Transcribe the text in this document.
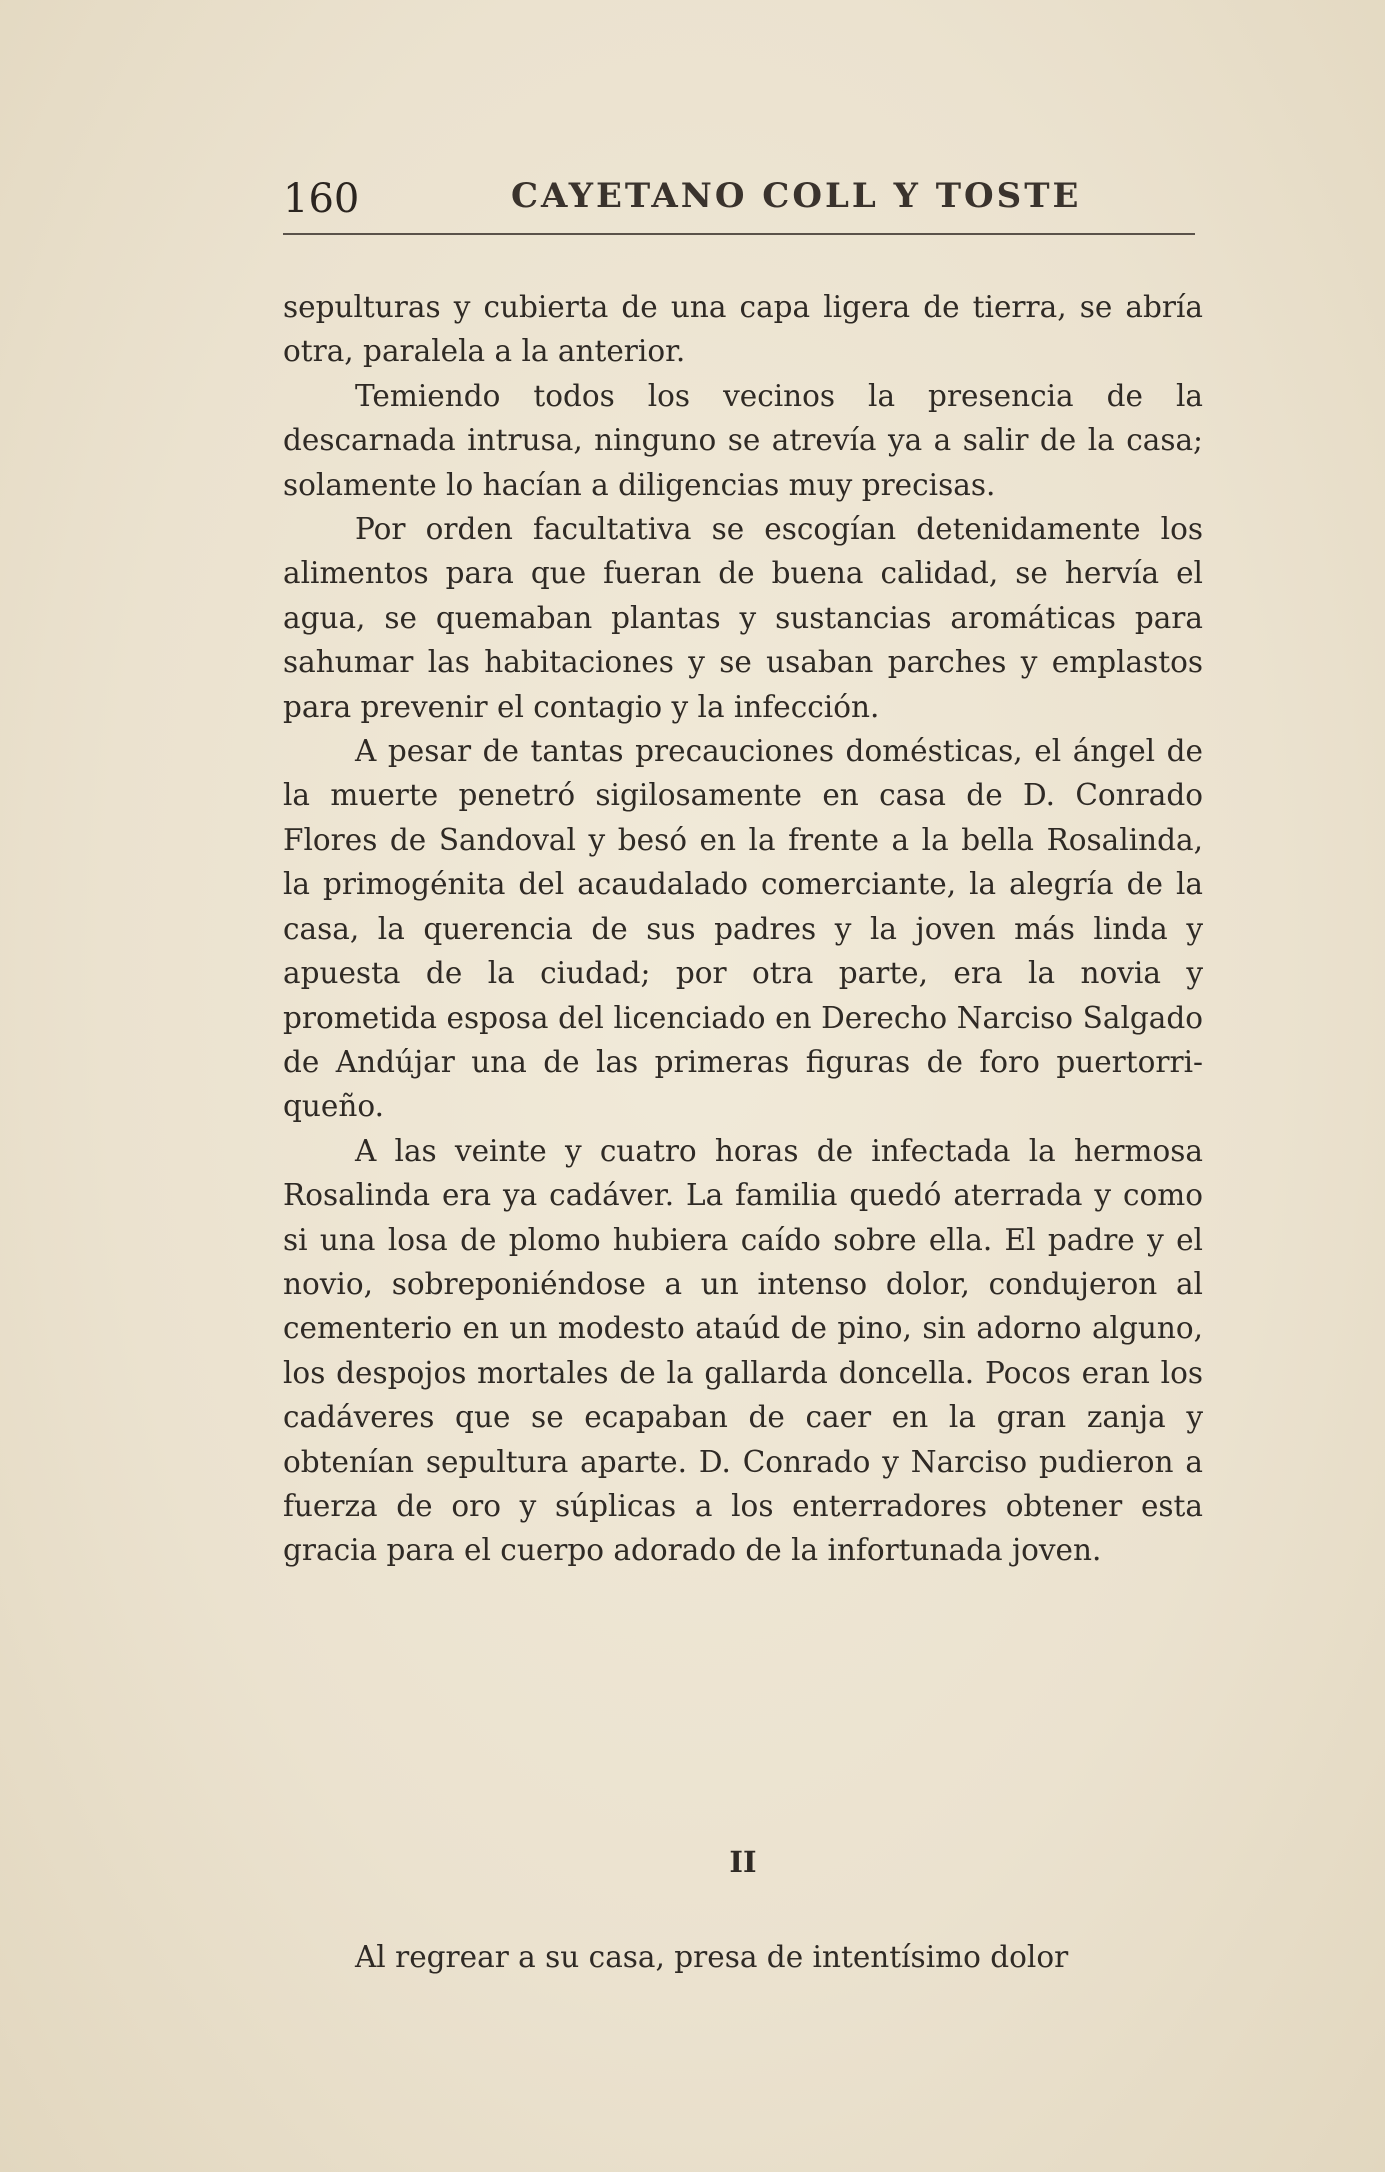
160	CAYETANO COLL Y TOSTE

sepulturas y cubierta de una capa ligera de tierra, se abría otra, paralela a la anterior.

Temiendo todos los vecinos la presencia de la descarnada intrusa, ninguno se atrevía ya a salir de la casa; solamente lo hacían a diligencias muy precisas.

Por orden facultativa se escogían detenidamente los alimentos para que fueran de buena calidad, se hervía el agua, se quemaban plantas y sustancias aromáticas para sahumar las habitaciones y se usaban parches y emplastos para prevenir el contagio y la infección.

A pesar de tantas precauciones domésticas, el ángel de la muerte penetró sigilosamente en casa de D. Conrado Flores de Sandoval y besó en la frente a la bella Rosalinda, la primogénita del acaudalado comerciante, la alegría de la casa, la querencia de sus padres y la joven más linda y apuesta de la ciudad; por otra parte, era la novia y prometida esposa del licenciado en Derecho Narciso Salgado de Andújar una de las primeras figuras de foro puertorriqueño.

A las veinte y cuatro horas de infectada la hermosa Rosalinda era ya cadáver. La familia quedó aterrada y como si una losa de plomo hubiera caído sobre ella. El padre y el novio, sobreponiéndose a un intenso dolor, condujeron al cementerio en un modesto ataúd de pino, sin adorno alguno, los despojos mortales de la gallarda doncella. Pocos eran los cadáveres que se ecapaban de caer en la gran zanja y obtenían sepultura aparte. D. Conrado y Narciso pudieron a fuerza de oro y súplicas a los enterradores obtener esta gracia para el cuerpo adorado de la infortunada joven.

II

Al regrear a su casa, presa de intentísimo dolor
